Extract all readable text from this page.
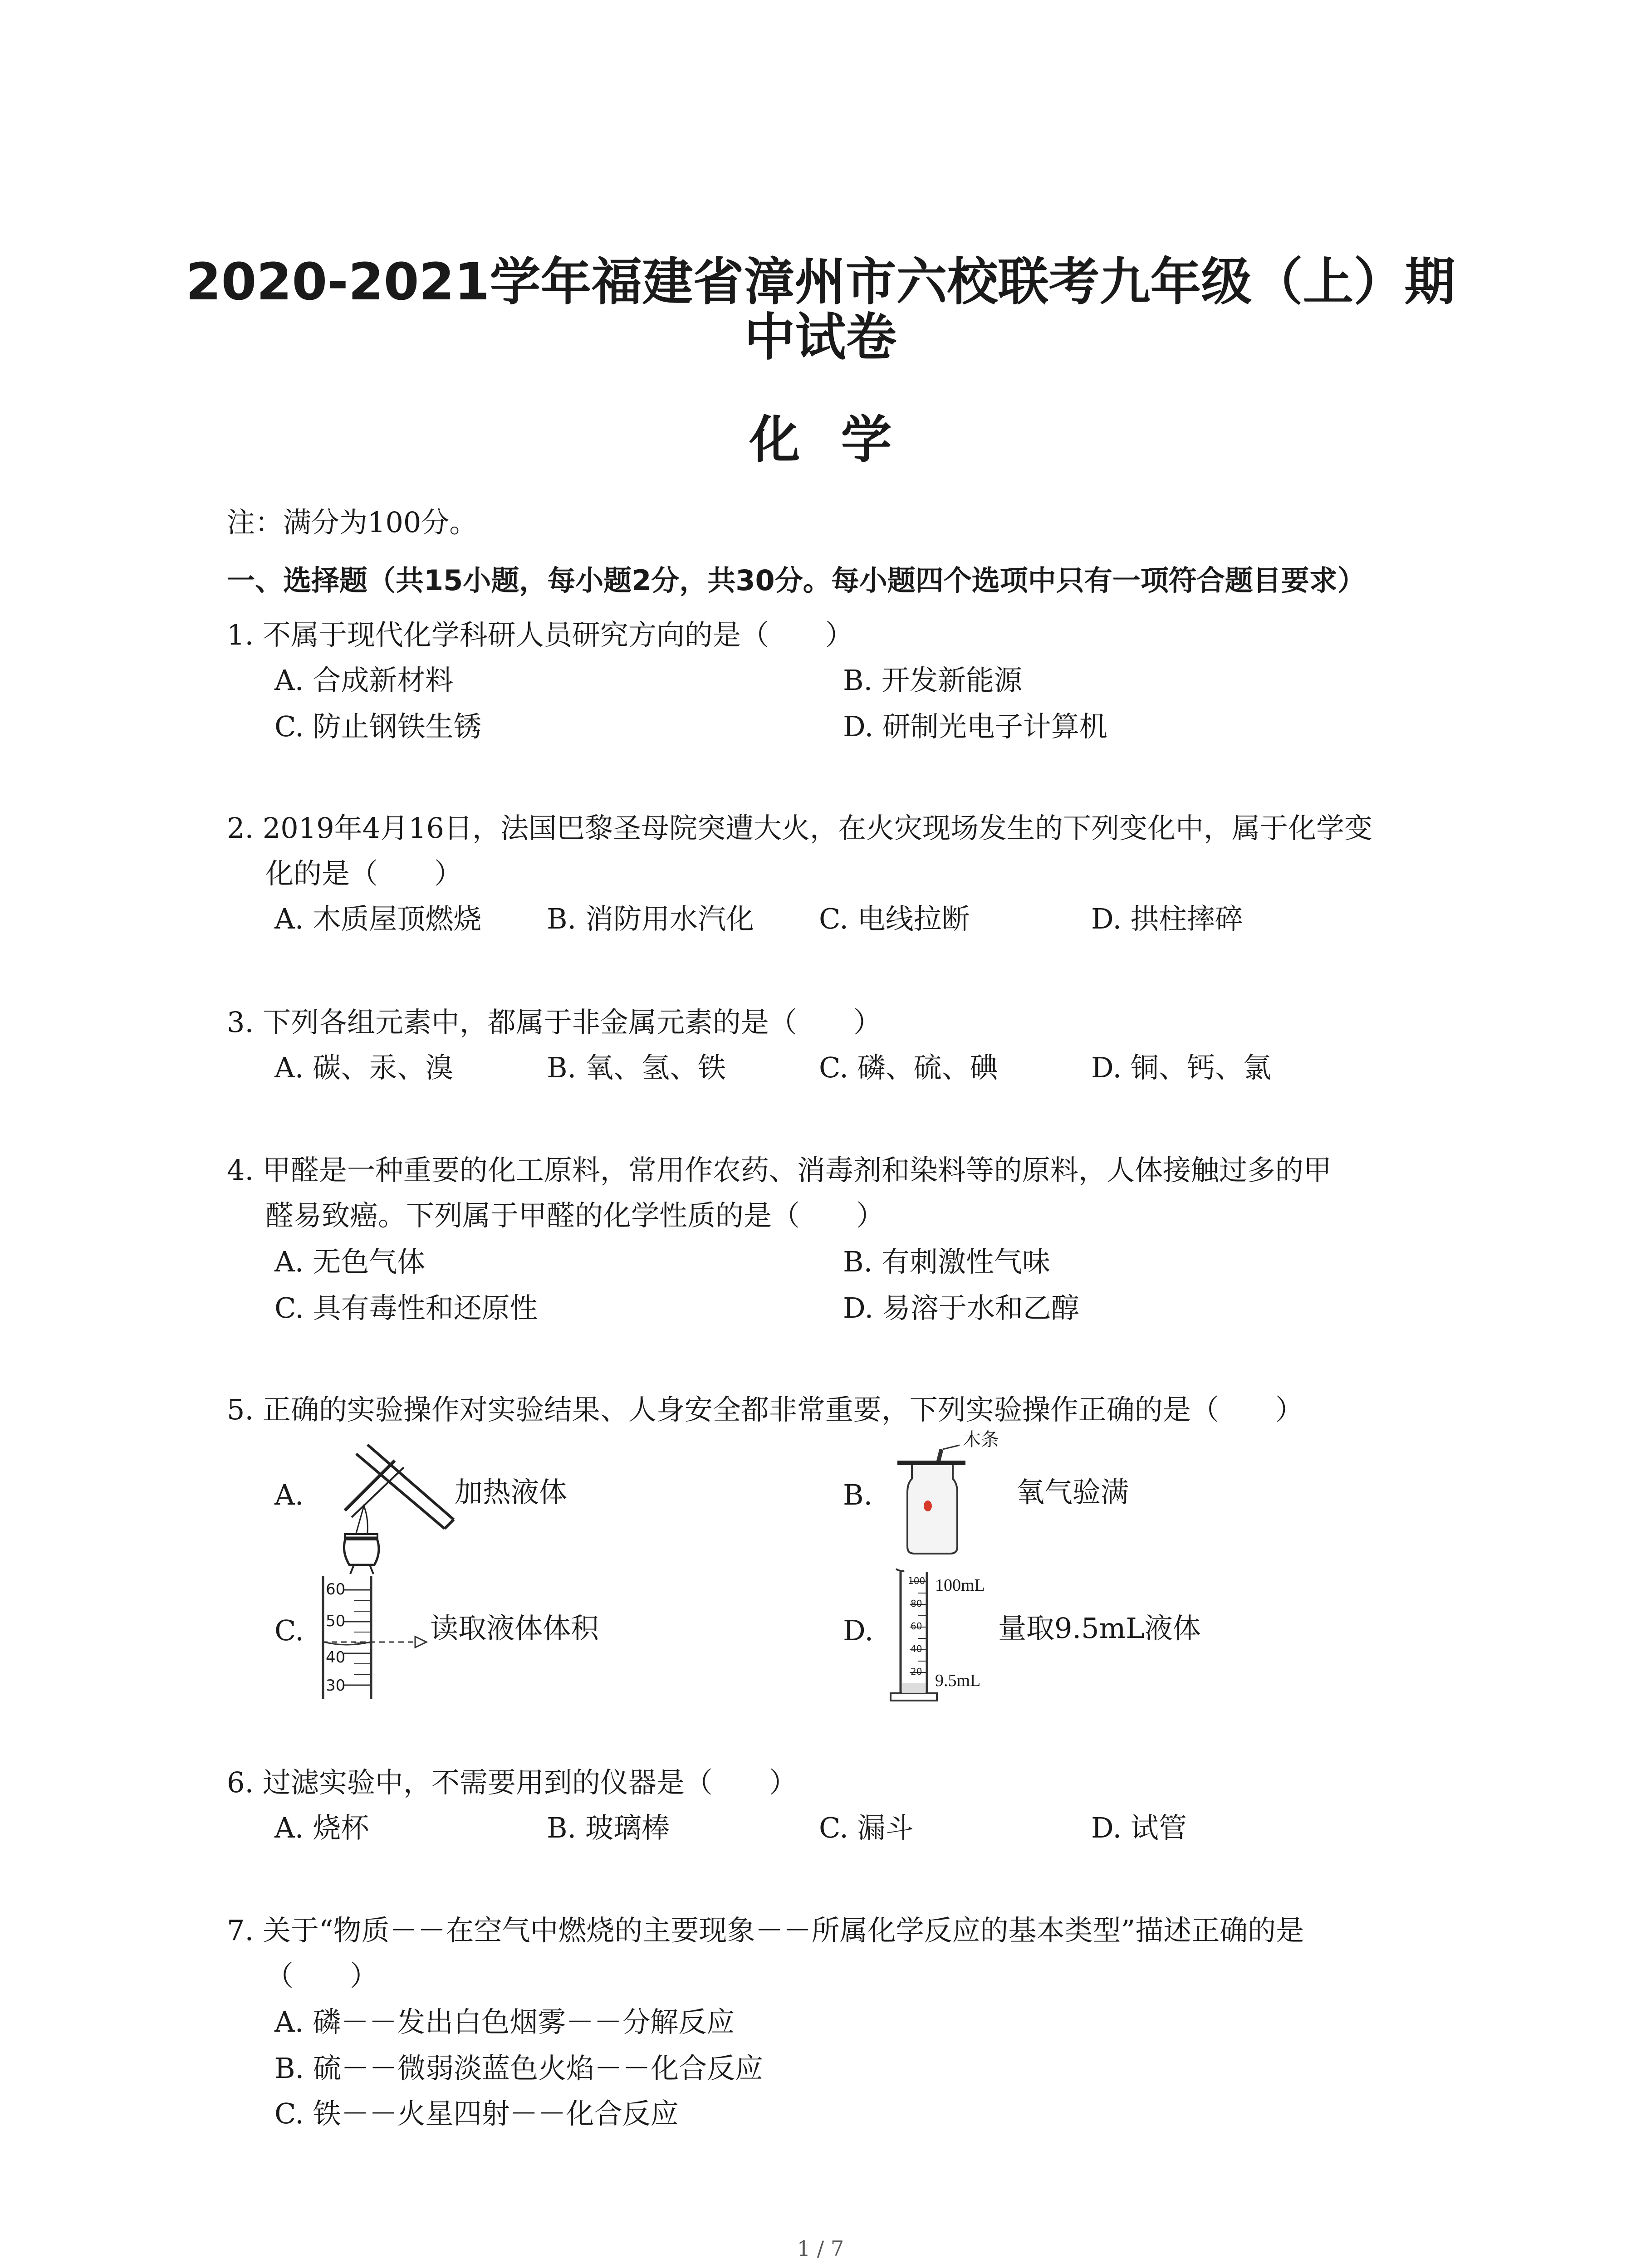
2020-2021学年福建省漳州市六校联考九年级（上）期
中试卷
化学
注：满分为100分。
一、选择题（共15小题，每小题2分，共30分。每小题四个选项中只有一项符合题目要求）
1. 不属于现代化学科研人员研究方向的是（　　）
A. 合成新材料	B. 开发新能源
C. 防止钢铁生锈	D. 研制光电子计算机
2. 2019年4月16日，法国巴黎圣母院突遭大火，在火灾现场发生的下列变化中，属于化学变
化的是（　　）
A. 木质屋顶燃烧 B. 消防用水汽化 C. 电线拉断	D. 拱柱摔碎
3. 下列各组元素中，都属于非金属元素的是（　　）
A. 碳、汞、溴	B. 氧、氢、铁	C. 磷、硫、碘	D. 铜、钙、氯
4. 甲醛是一种重要的化工原料，常用作农药、消毒剂和染料等的原料，人体接触过多的甲
醛易致癌。下列属于甲醛的化学性质的是（　　）
A. 无色气体	B. 有刺激性气味
C. 具有毒性和还原性	D. 易溶于水和乙醇
5. 正确的实验操作对实验结果、人身安全都非常重要，下列实验操作正确的是（　　）
A.	加热液体	B.
木条
氧气验满
C.
60
50
40
30
读取液体体积	D.
100
80
60
40
20
100mL
9.5mL
量取9.5mL液体
6. 过滤实验中，不需要用到的仪器是（　　）
A. 烧杯	B. 玻璃棒	C. 漏斗	D. 试管
7. 关于“物质－－在空气中燃烧的主要现象－－所属化学反应的基本类型”描述正确的是
（　　）
A. 磷－－发出白色烟雾－－分解反应
B. 硫－－微弱淡蓝色火焰－－化合反应
C. 铁－－火星四射－－化合反应
1 / 7
